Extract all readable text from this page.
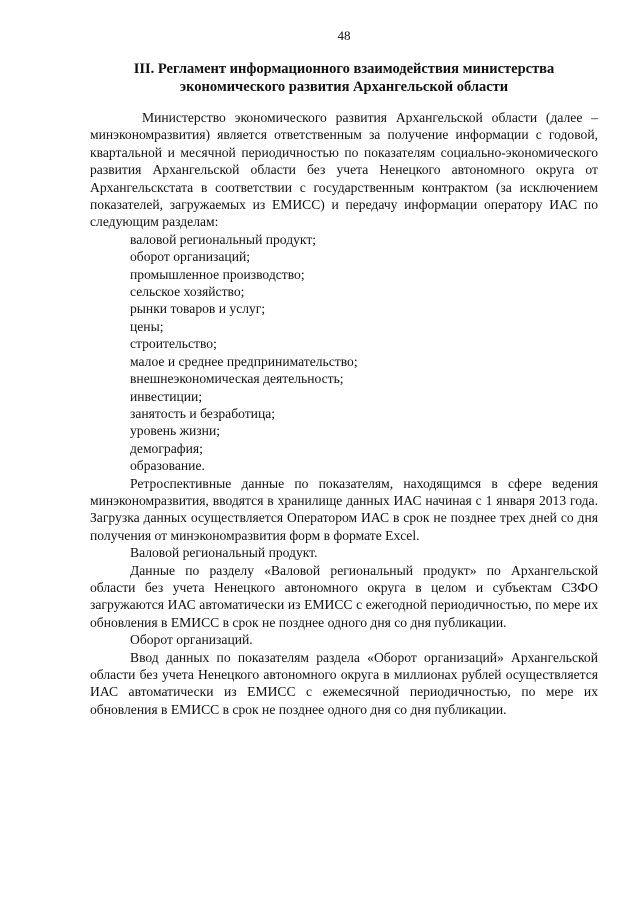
48
III. Регламент информационного взаимодействия министерства
экономического развития Архангельской области

Министерство экономического развития Архангельской области (далее – минэкономразвития) является ответственным за получение информации с годовой, квартальной и месячной периодичностью по показателям социально-экономического развития Архангельской области без учета Ненецкого автономного округа от Архангельскстата в соответствии с государственным контрактом (за исключением показателей, загружаемых из ЕМИСС) и передачу информации оператору ИАС по следующим разделам:

валовой региональный продукт;
оборот организаций;
промышленное производство;
сельское хозяйство;
рынки товаров и услуг;
цены;
строительство;
малое и среднее предпринимательство;
внешнеэкономическая деятельность;
инвестиции;
занятость и безработица;
уровень жизни;
демография;
образование.

Ретроспективные данные по показателям, находящимся в сфере ведения минэкономразвития, вводятся в хранилище данных ИАС начиная с 1 января 2013 года. Загрузка данных осуществляется Оператором ИАС в срок не позднее трех дней со дня получения от минэкономразвития форм в формате Excel.

Валовой региональный продукт.

Данные по разделу «Валовой региональный продукт» по Архангельской области без учета Ненецкого автономного округа в целом и субъектам СЗФО загружаются ИАС автоматически из ЕМИСС с ежегодной периодичностью, по мере их обновления в ЕМИСС в срок не позднее одного дня со дня публикации.

Оборот организаций.

Ввод данных по показателям раздела «Оборот организаций» Архангельской области без учета Ненецкого автономного округа в миллионах рублей осуществляется ИАС автоматически из ЕМИСС с ежемесячной периодичностью, по мере их обновления в ЕМИСС в срок не позднее одного дня со дня публикации.
